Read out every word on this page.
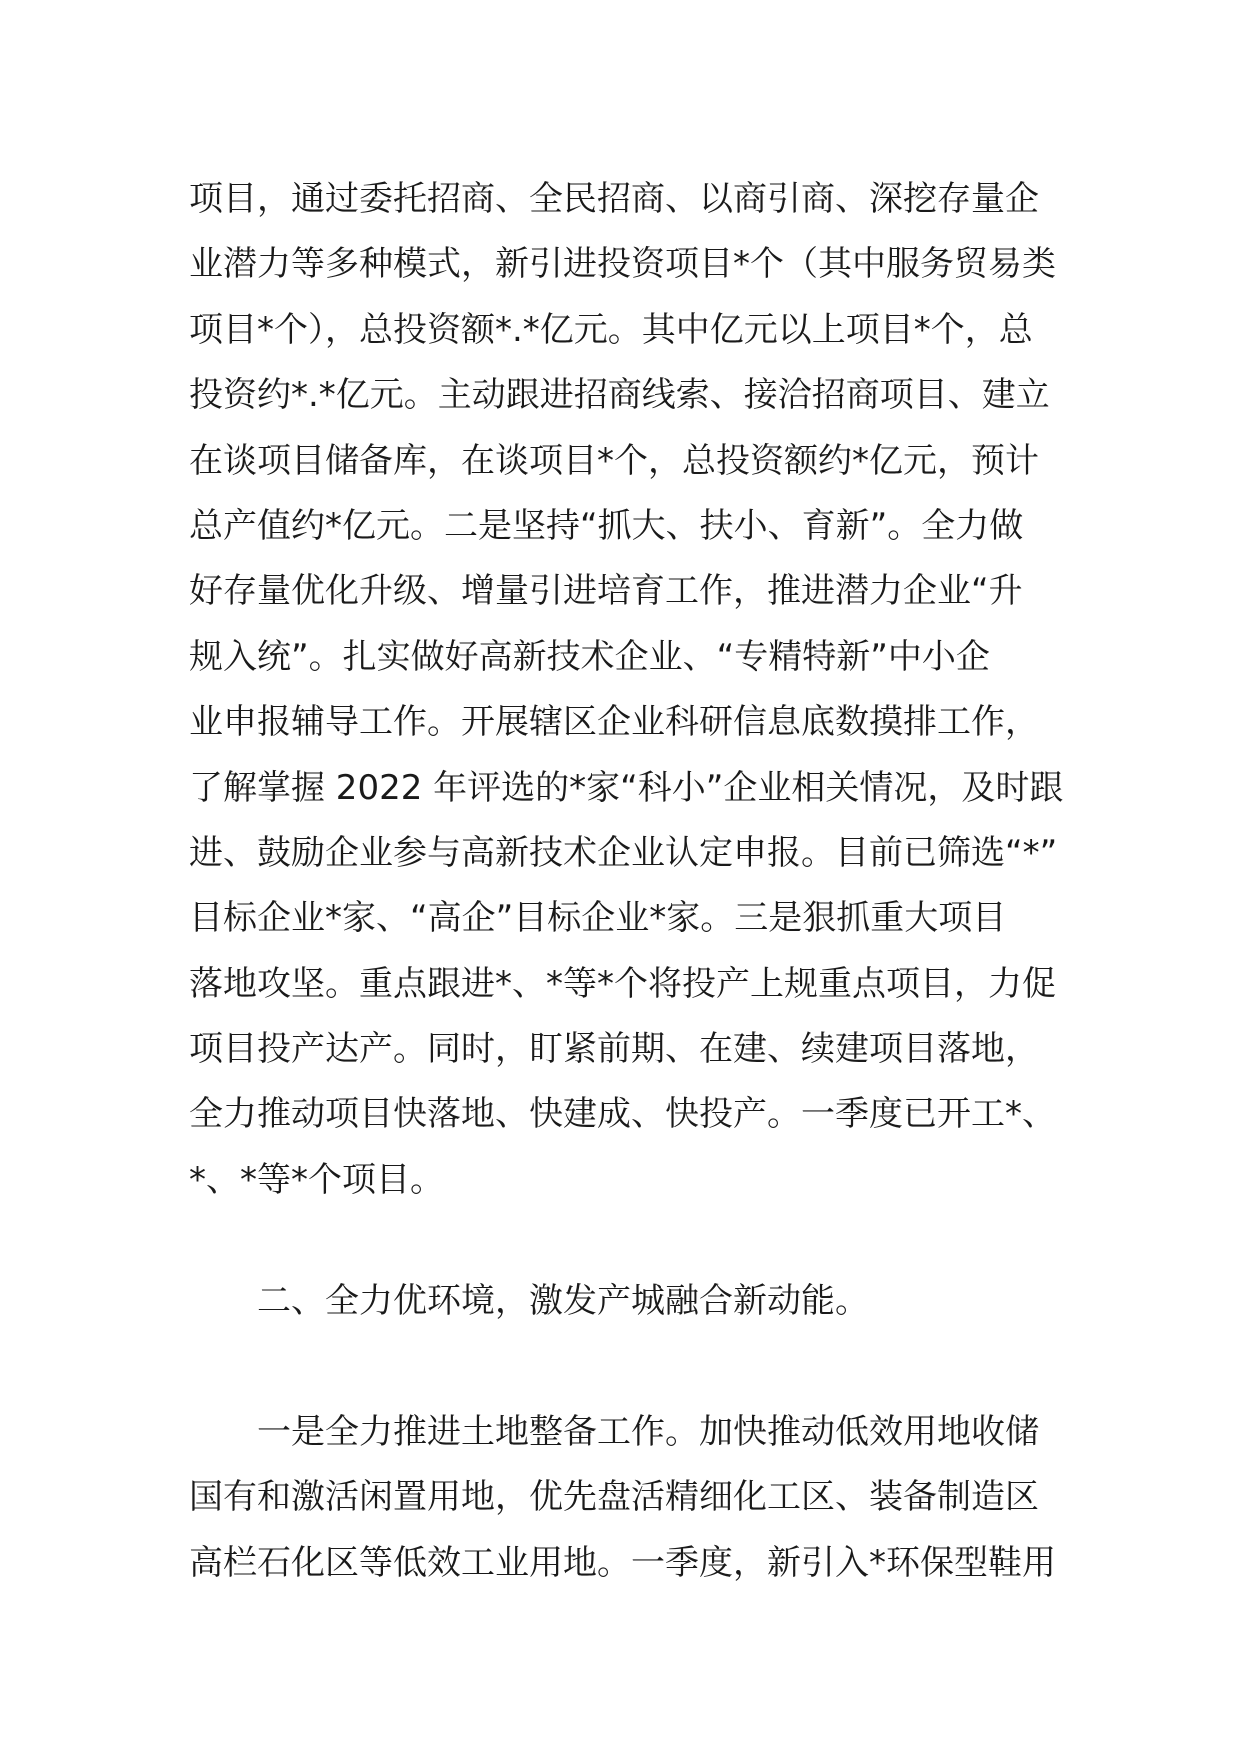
项目，通过委托招商、全民招商、以商引商、深挖存量企
业潜力等多种模式，新引进投资项目*个（其中服务贸易类
项目*个），总投资额*.*亿元。其中亿元以上项目*个，总
投资约*.*亿元。主动跟进招商线索、接洽招商项目、建立
在谈项目储备库，在谈项目*个，总投资额约*亿元，预计
总产值约*亿元。二是坚持“抓大、扶小、育新”。全力做
好存量优化升级、增量引进培育工作，推进潜力企业“升
规入统”。扎实做好高新技术企业、“专精特新”中小企
业申报辅导工作。开展辖区企业科研信息底数摸排工作，
了解掌握 2022 年评选的*家“科小”企业相关情况，及时跟
进、鼓励企业参与高新技术企业认定申报。目前已筛选“*”
目标企业*家、“高企”目标企业*家。三是狠抓重大项目
落地攻坚。重点跟进*、*等*个将投产上规重点项目，力促
项目投产达产。同时，盯紧前期、在建、续建项目落地，
全力推动项目快落地、快建成、快投产。一季度已开工*、
*、*等*个项目。
二、全力优环境，激发产城融合新动能。
一是全力推进土地整备工作。加快推动低效用地收储
国有和激活闲置用地，优先盘活精细化工区、装备制造区
高栏石化区等低效工业用地。一季度，新引入*环保型鞋用
